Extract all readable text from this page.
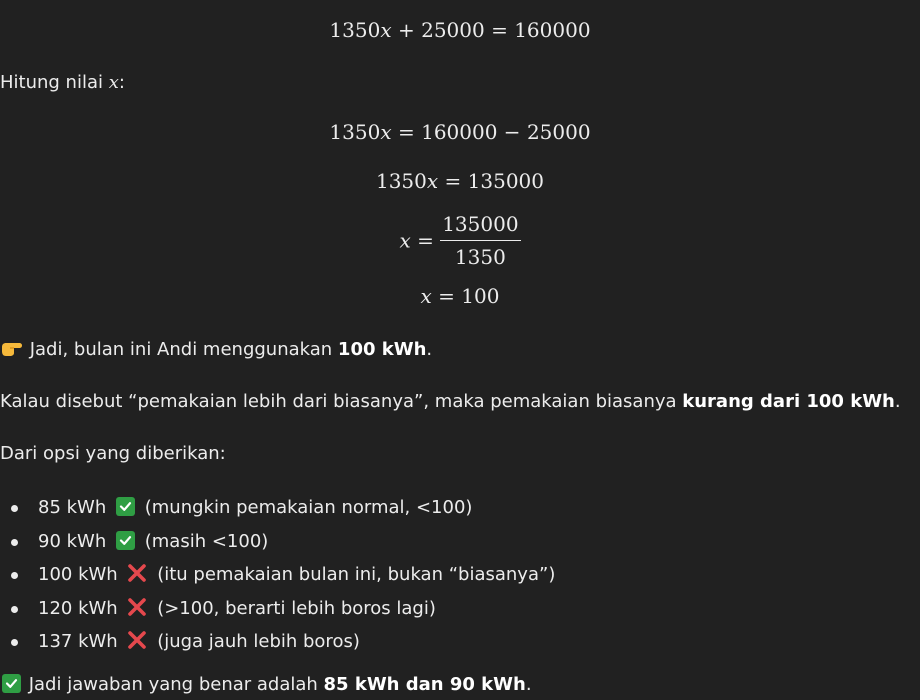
1350x + 25000 = 160000
Hitung nilai x:
1350x = 160000 − 25000
1350x = 135000
$x = \frac{135000}{1350}$
x = 100
Jadi, bulan ini Andi menggunakan 100 kWh.
Kalau disebut “pemakaian lebih dari biasanya”, maka pemakaian biasanya kurang dari 100 kWh.
Dari opsi yang diberikan:
85 kWh (mungkin pemakaian normal, <100)
90 kWh (masih <100)
100 kWh (itu pemakaian bulan ini, bukan “biasanya”)
120 kWh (>100, berarti lebih boros lagi)
137 kWh (juga jauh lebih boros)
Jadi jawaban yang benar adalah 85 kWh dan 90 kWh.
